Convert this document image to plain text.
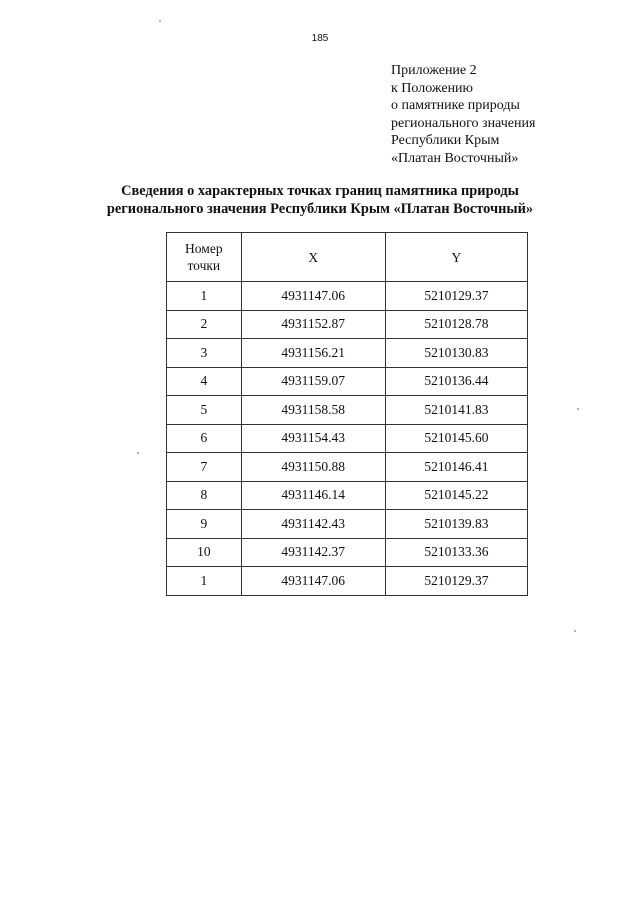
185
Приложение 2
к Положению
о памятнике природы
регионального значения
Республики Крым
«Платан Восточный»
Сведения о характерных точках границ памятника природы
регионального значения Республики Крым «Платан Восточный»
Номер
точки	X	Y
1	4931147.06	5210129.37
2	4931152.87	5210128.78
3	4931156.21	5210130.83
4	4931159.07	5210136.44
5	4931158.58	5210141.83
6	4931154.43	5210145.60
7	4931150.88	5210146.41
8	4931146.14	5210145.22
9	4931142.43	5210139.83
10	4931142.37	5210133.36
1	4931147.06	5210129.37
